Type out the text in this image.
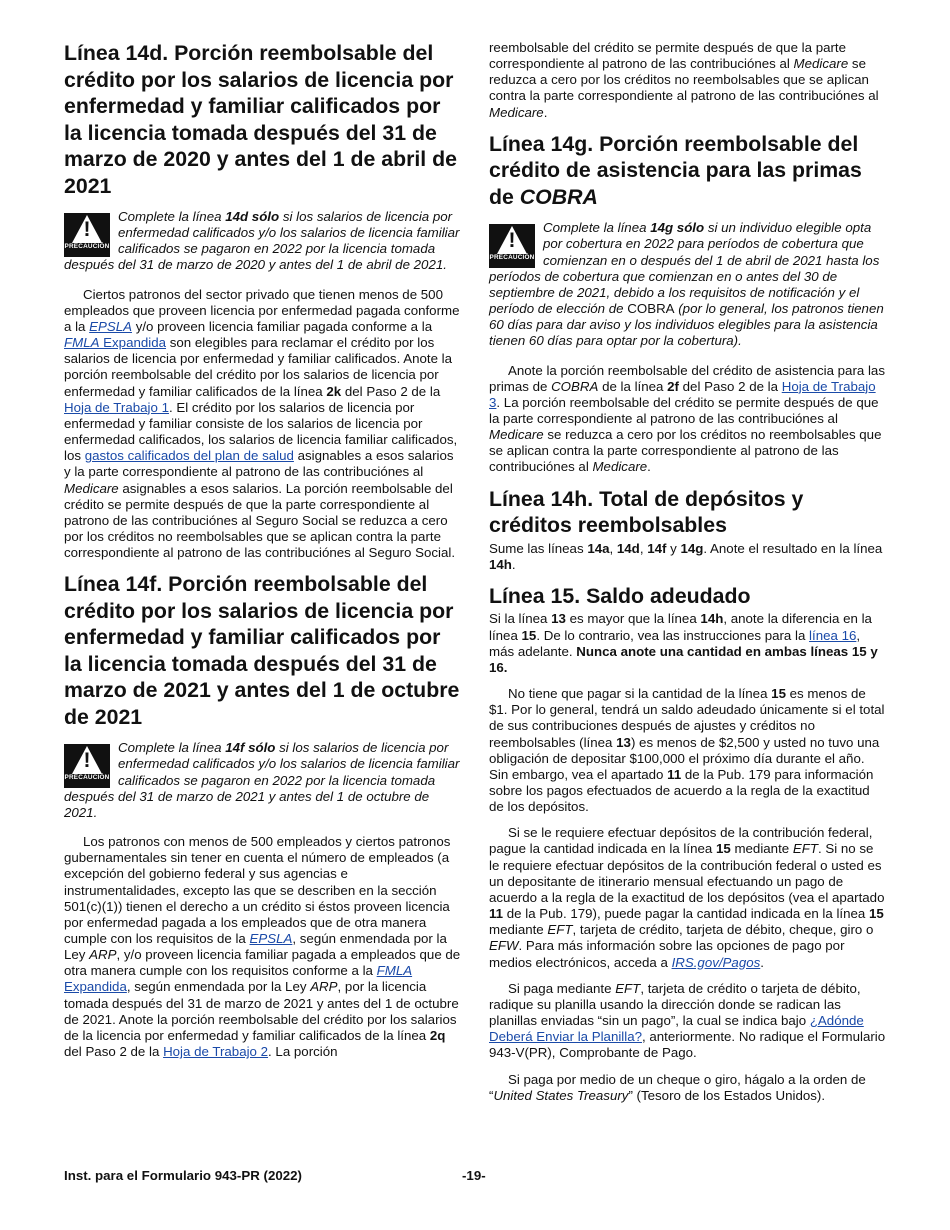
Línea 14d. Porción reembolsable del crédito por los salarios de licencia por enfermedad y familiar calificados por la licencia tomada después del 31 de marzo de 2020 y antes del 1 de abril de 2021
!
PRECAUCIÓN
Complete la línea 14d sólo si los salarios de licencia por enfermedad calificados y/o los salarios de licencia familiar calificados se pagaron en 2022 por la licencia tomada después del 31 de marzo de 2020 y antes del 1 de abril de 2021.

Ciertos patronos del sector privado que tienen menos de 500 empleados que proveen licencia por enfermedad pagada conforme a la EPSLA y/o proveen licencia familiar pagada conforme a la FMLA Expandida son elegibles para reclamar el crédito por los salarios de licencia por enfermedad y familiar calificados. Anote la porción reembolsable del crédito por los salarios de licencia por enfermedad y familiar calificados de la línea 2k del Paso 2 de la Hoja de Trabajo 1. El crédito por los salarios de licencia por enfermedad y familiar consiste de los salarios de licencia por enfermedad calificados, los salarios de licencia familiar calificados, los gastos calificados del plan de salud asignables a esos salarios y la parte correspondiente al patrono de las contribuciónes al Medicare asignables a esos salarios. La porción reembolsable del crédito se permite después de que la parte correspondiente al patrono de las contribuciónes al Seguro Social se reduzca a cero por los créditos no reembolsables que se aplican contra la parte correspondiente al patrono de las contribuciónes al Seguro Social.

Línea 14f. Porción reembolsable del crédito por los salarios de licencia por enfermedad y familiar calificados por la licencia tomada después del 31 de marzo de 2021 y antes del 1 de octubre de 2021
!
PRECAUCIÓN
Complete la línea 14f sólo si los salarios de licencia por enfermedad calificados y/o los salarios de licencia familiar calificados se pagaron en 2022 por la licencia tomada después del 31 de marzo de 2021 y antes del 1 de octubre de 2021.

Los patronos con menos de 500 empleados y ciertos patronos gubernamentales sin tener en cuenta el número de empleados (a excepción del gobierno federal y sus agencias e instrumentalidades, excepto las que se describen en la sección 501(c)(1)) tienen el derecho a un crédito si éstos proveen licencia por enfermedad pagada a los empleados que de otra manera cumple con los requisitos de la EPSLA, según enmendada por la Ley ARP, y/o proveen licencia familiar pagada a empleados que de otra manera cumple con los requisitos conforme a la FMLA Expandida, según enmendada por la Ley ARP, por la licencia tomada después del 31 de marzo de 2021 y antes del 1 de octubre de 2021. Anote la porción reembolsable del crédito por los salarios de la licencia por enfermedad y familiar calificados de la línea 2q del Paso 2 de la Hoja de Trabajo 2. La porción

reembolsable del crédito se permite después de que la parte correspondiente al patrono de las contribuciónes al Medicare se reduzca a cero por los créditos no reembolsables que se aplican contra la parte correspondiente al patrono de las contribuciónes al Medicare.

Línea 14g. Porción reembolsable del crédito de asistencia para las primas de COBRA
!
PRECAUCIÓN
Complete la línea 14g sólo si un individuo elegible opta por cobertura en 2022 para períodos de cobertura que comienzan en o después del 1 de abril de 2021 hasta los períodos de cobertura que comienzan en o antes del 30 de septiembre de 2021, debido a los requisitos de notificación y el período de elección de COBRA (por lo general, los patronos tienen 60 días para dar aviso y los individuos elegibles para la asistencia tienen 60 días para optar por la cobertura).

Anote la porción reembolsable del crédito de asistencia para las primas de COBRA de la línea 2f del Paso 2 de la Hoja de Trabajo 3. La porción reembolsable del crédito se permite después de que la parte correspondiente al patrono de las contribuciónes al Medicare se reduzca a cero por los créditos no reembolsables que se aplican contra la parte correspondiente al patrono de las contribuciónes al Medicare.

Línea 14h. Total de depósitos y créditos reembolsables

Sume las líneas 14a, 14d, 14f y 14g. Anote el resultado en la línea 14h.

Línea 15. Saldo adeudado

Si la línea 13 es mayor que la línea 14h, anote la diferencia en la línea 15. De lo contrario, vea las instrucciones para la línea 16, más adelante. Nunca anote una cantidad en ambas líneas 15 y 16.

No tiene que pagar si la cantidad de la línea 15 es menos de $1. Por lo general, tendrá un saldo adeudado únicamente si el total de sus contribuciones después de ajustes y créditos no reembolsables (línea 13) es menos de $2,500 y usted no tuvo una obligación de depositar $100,000 el próximo día durante el año. Sin embargo, vea el apartado 11 de la Pub. 179 para información sobre los pagos efectuados de acuerdo a la regla de la exactitud de los depósitos.

Si se le requiere efectuar depósitos de la contribución federal, pague la cantidad indicada en la línea 15 mediante EFT. Si no se le requiere efectuar depósitos de la contribución federal o usted es un depositante de itinerario mensual efectuando un pago de acuerdo a la regla de la exactitud de los depósitos (vea el apartado 11 de la Pub. 179), puede pagar la cantidad indicada en la línea 15 mediante EFT, tarjeta de crédito, tarjeta de débito, cheque, giro o EFW. Para más información sobre las opciones de pago por medios electrónicos, acceda a IRS.gov/Pagos.

Si paga mediante EFT, tarjeta de crédito o tarjeta de débito, radique su planilla usando la dirección donde se radican las planillas enviadas “sin un pago”, la cual se indica bajo ¿Adónde Deberá Enviar la Planilla?, anteriormente. No radique el Formulario 943-V(PR), Comprobante de Pago.

Si paga por medio de un cheque o giro, hágalo a la orden de “United States Treasury” (Tesoro de los Estados Unidos).

Inst. para el Formulario 943-PR (2022)	-19-
